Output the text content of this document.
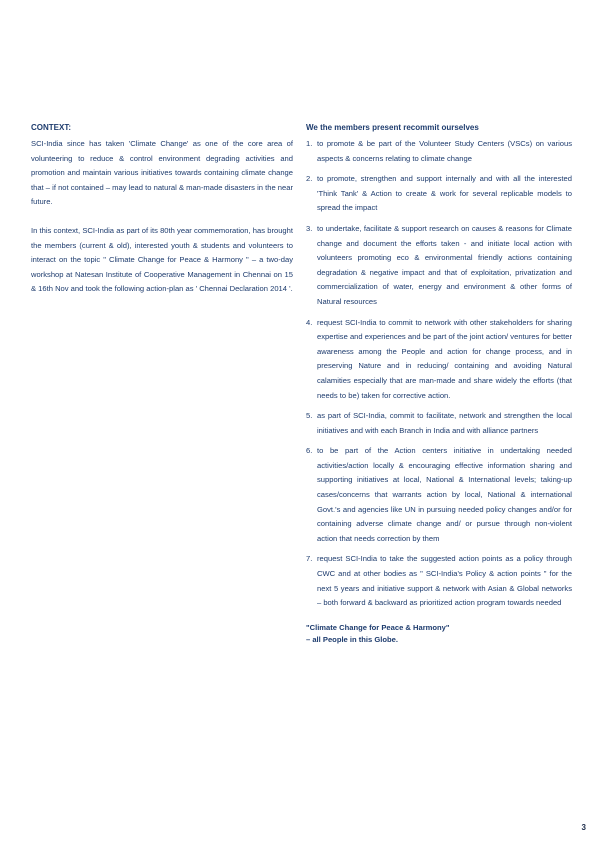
CONTEXT:

SCI-India since has taken 'Climate Change' as one of the core area of volunteering to reduce & control environment degrading activities and promotion and maintain various initiatives towards containing climate change that – if not contained – may lead to natural & man-made disasters in the near future.

In this context, SCI-India as part of its 80th year commemoration, has brought the members (current & old), interested youth & students and volunteers to interact on the topic " Climate Change for Peace & Harmony " – a two-day workshop at Natesan Institute of Cooperative Management in Chennai on 15 & 16th Nov and took the following action-plan as ' Chennai Declaration 2014 '.

We the members present recommit ourselves

1. to promote & be part of the Volunteer Study Centers (VSCs) on various aspects & concerns relating to climate change
2. to promote, strengthen and support internally and with all the interested 'Think Tank' & Action to create & work for several replicable models to spread the impact
3. to undertake, facilitate & support research on causes & reasons for Climate change and document the efforts taken - and initiate local action with volunteers promoting eco & environmental friendly actions containing degradation & negative impact and that of exploitation, privatization and commercialization of water, energy and environment & other forms of Natural resources
4. request SCI-India to commit to network with other stakeholders for sharing expertise and experiences and be part of the joint action/ ventures for better awareness among the People and action for change process, and in preserving Nature and in reducing/ containing and avoiding Natural calamities especially that are man-made and share widely the efforts (that needs to be) taken for corrective action.
5. as part of SCI-India, commit to facilitate, network and strengthen the local initiatives and with each Branch in India and with alliance partners
6. to be part of the Action centers initiative in undertaking needed activities/action locally & encouraging effective information sharing and supporting initiatives at local, National & International levels; taking-up cases/concerns that warrants action by local, National & international Govt.'s and agencies like UN in pursuing needed policy changes and/or for containing adverse climate change and/ or pursue through non-violent action that needs correction by them
7. request SCI-India to take the suggested action points as a policy through CWC and at other bodies as " SCI-India's Policy & action points " for the next 5 years and initiative support & network with Asian & Global networks – both forward & backward as prioritized action program towards needed
"Climate Change for Peace & Harmony"
– all People in this Globe.
3
